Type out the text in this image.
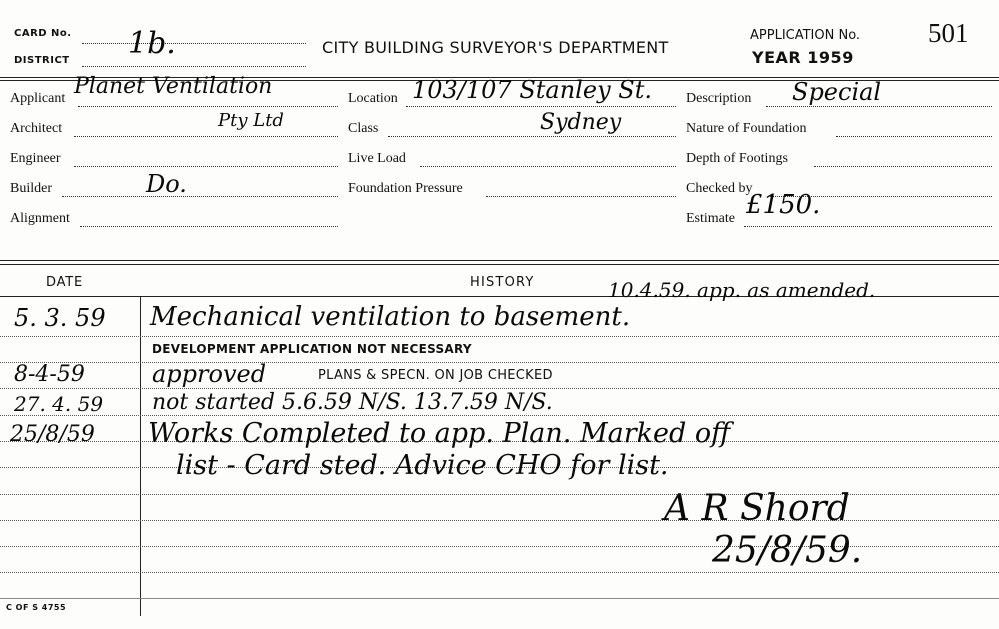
CARD No.
DISTRICT 1b.	CITY BUILDING SURVEYOR'S DEPARTMENT
APPLICATION No.
YEAR 1959
501
Applicant Planet Ventilation
Architect	Pty Ltd
Engineer
Builder	Do.
Alignment
Location 103/107 Stanley St.
Class	Sydney
Live Load
Foundation Pressure
Description Special
Nature of Foundation
Depth of Footings
Checked by
Estimate £150.
DATE	HISTORY	10.4.59. app. as amended.
5. 3. 59 Mechanical ventilation to basement.
DEVELOPMENT APPLICATION NOT NECESSARY
8-4-59	approved	PLANS & SPECN. ON JOB CHECKED
27. 4. 59 not started 5.6.59 N/S. 13.7.59 N/S.
25/8/59 Works Completed to app. Plan. Marked off
list - Card sted. Advice CHO for list.
A R Shord
25/8/59.
C OF S 4755
